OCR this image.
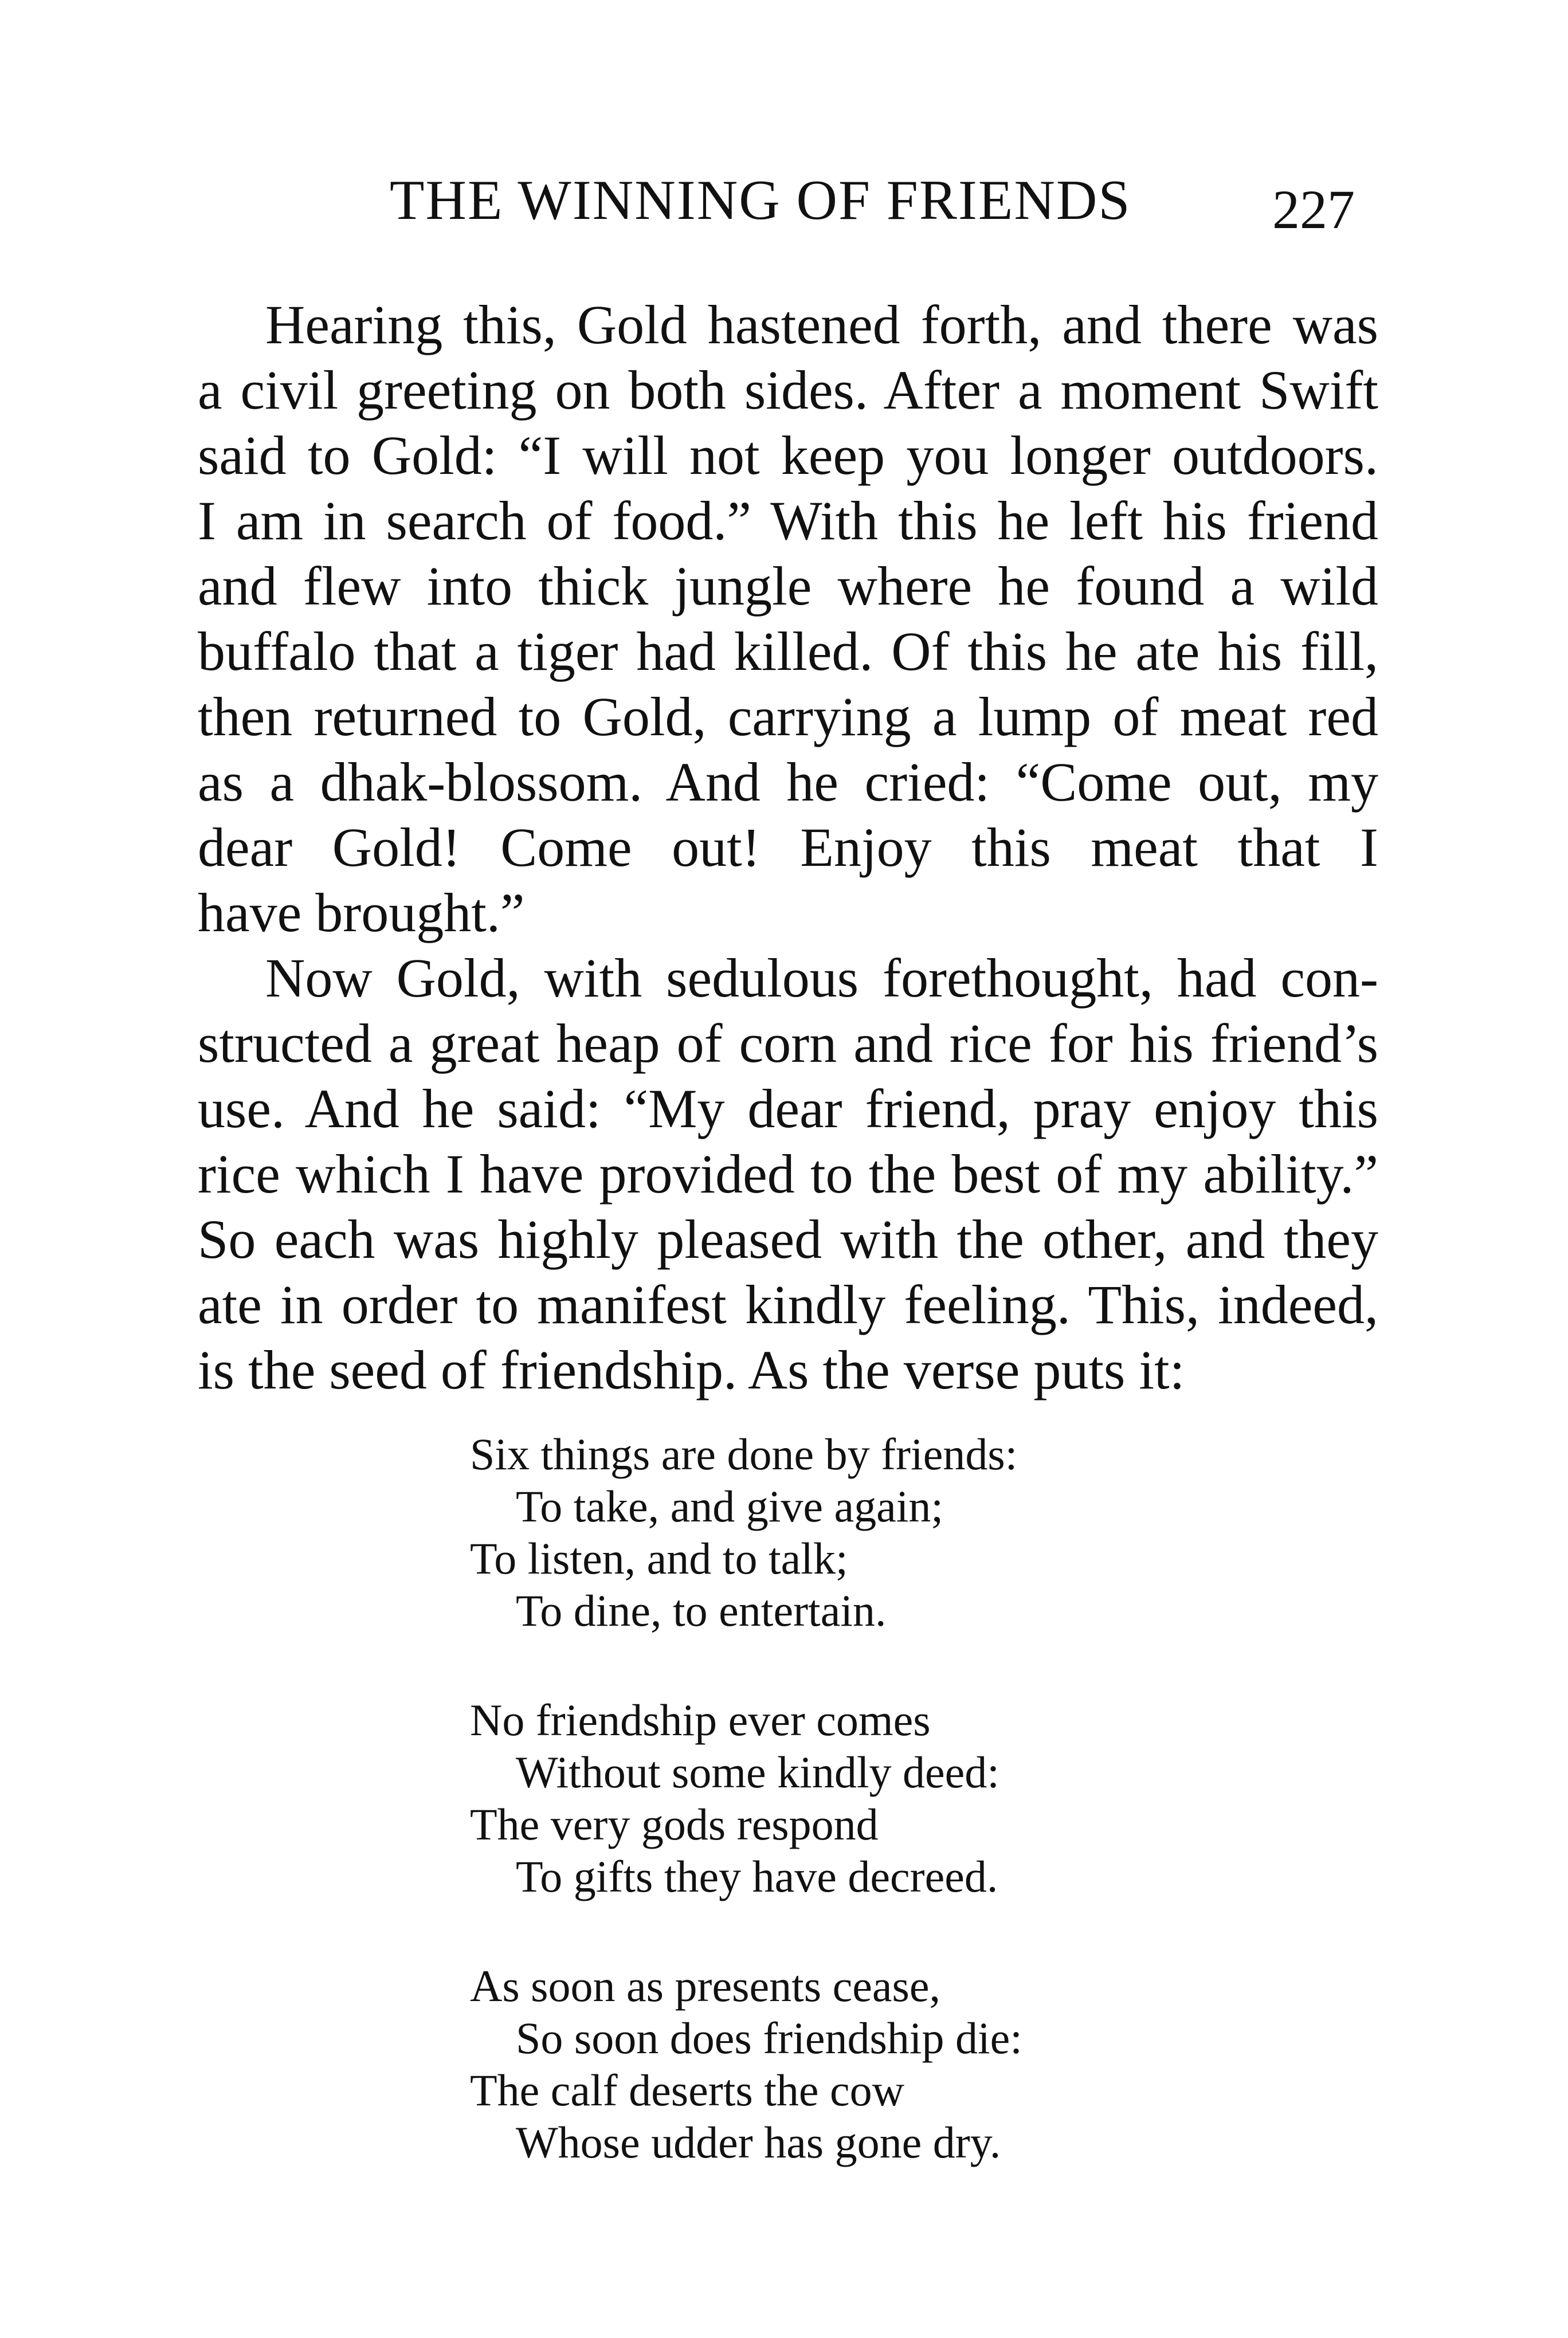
THE WINNING OF FRIENDS	227
Hearing this, Gold hastened forth, and there was
a civil greeting on both sides. After a moment Swift
said to Gold: “I will not keep you longer outdoors.
I am in search of food.” With this he left his friend
and flew into thick jungle where he found a wild
buffalo that a tiger had killed. Of this he ate his fill,
then returned to Gold, carrying a lump of meat red
as a dhak-blossom. And he cried: “Come out, my
dear Gold! Come out! Enjoy this meat that I
have brought.”
Now Gold, with sedulous forethought, had con-
structed a great heap of corn and rice for his friend’s
use. And he said: “My dear friend, pray enjoy this
rice which I have provided to the best of my ability.”
So each was highly pleased with the other, and they
ate in order to manifest kindly feeling. This, indeed,
is the seed of friendship. As the verse puts it:
Six things are done by friends:
To take, and give again;
To listen, and to talk;
To dine, to entertain.
No friendship ever comes
Without some kindly deed:
The very gods respond
To gifts they have decreed.
As soon as presents cease,
So soon does friendship die:
The calf deserts the cow
Whose udder has gone dry.
